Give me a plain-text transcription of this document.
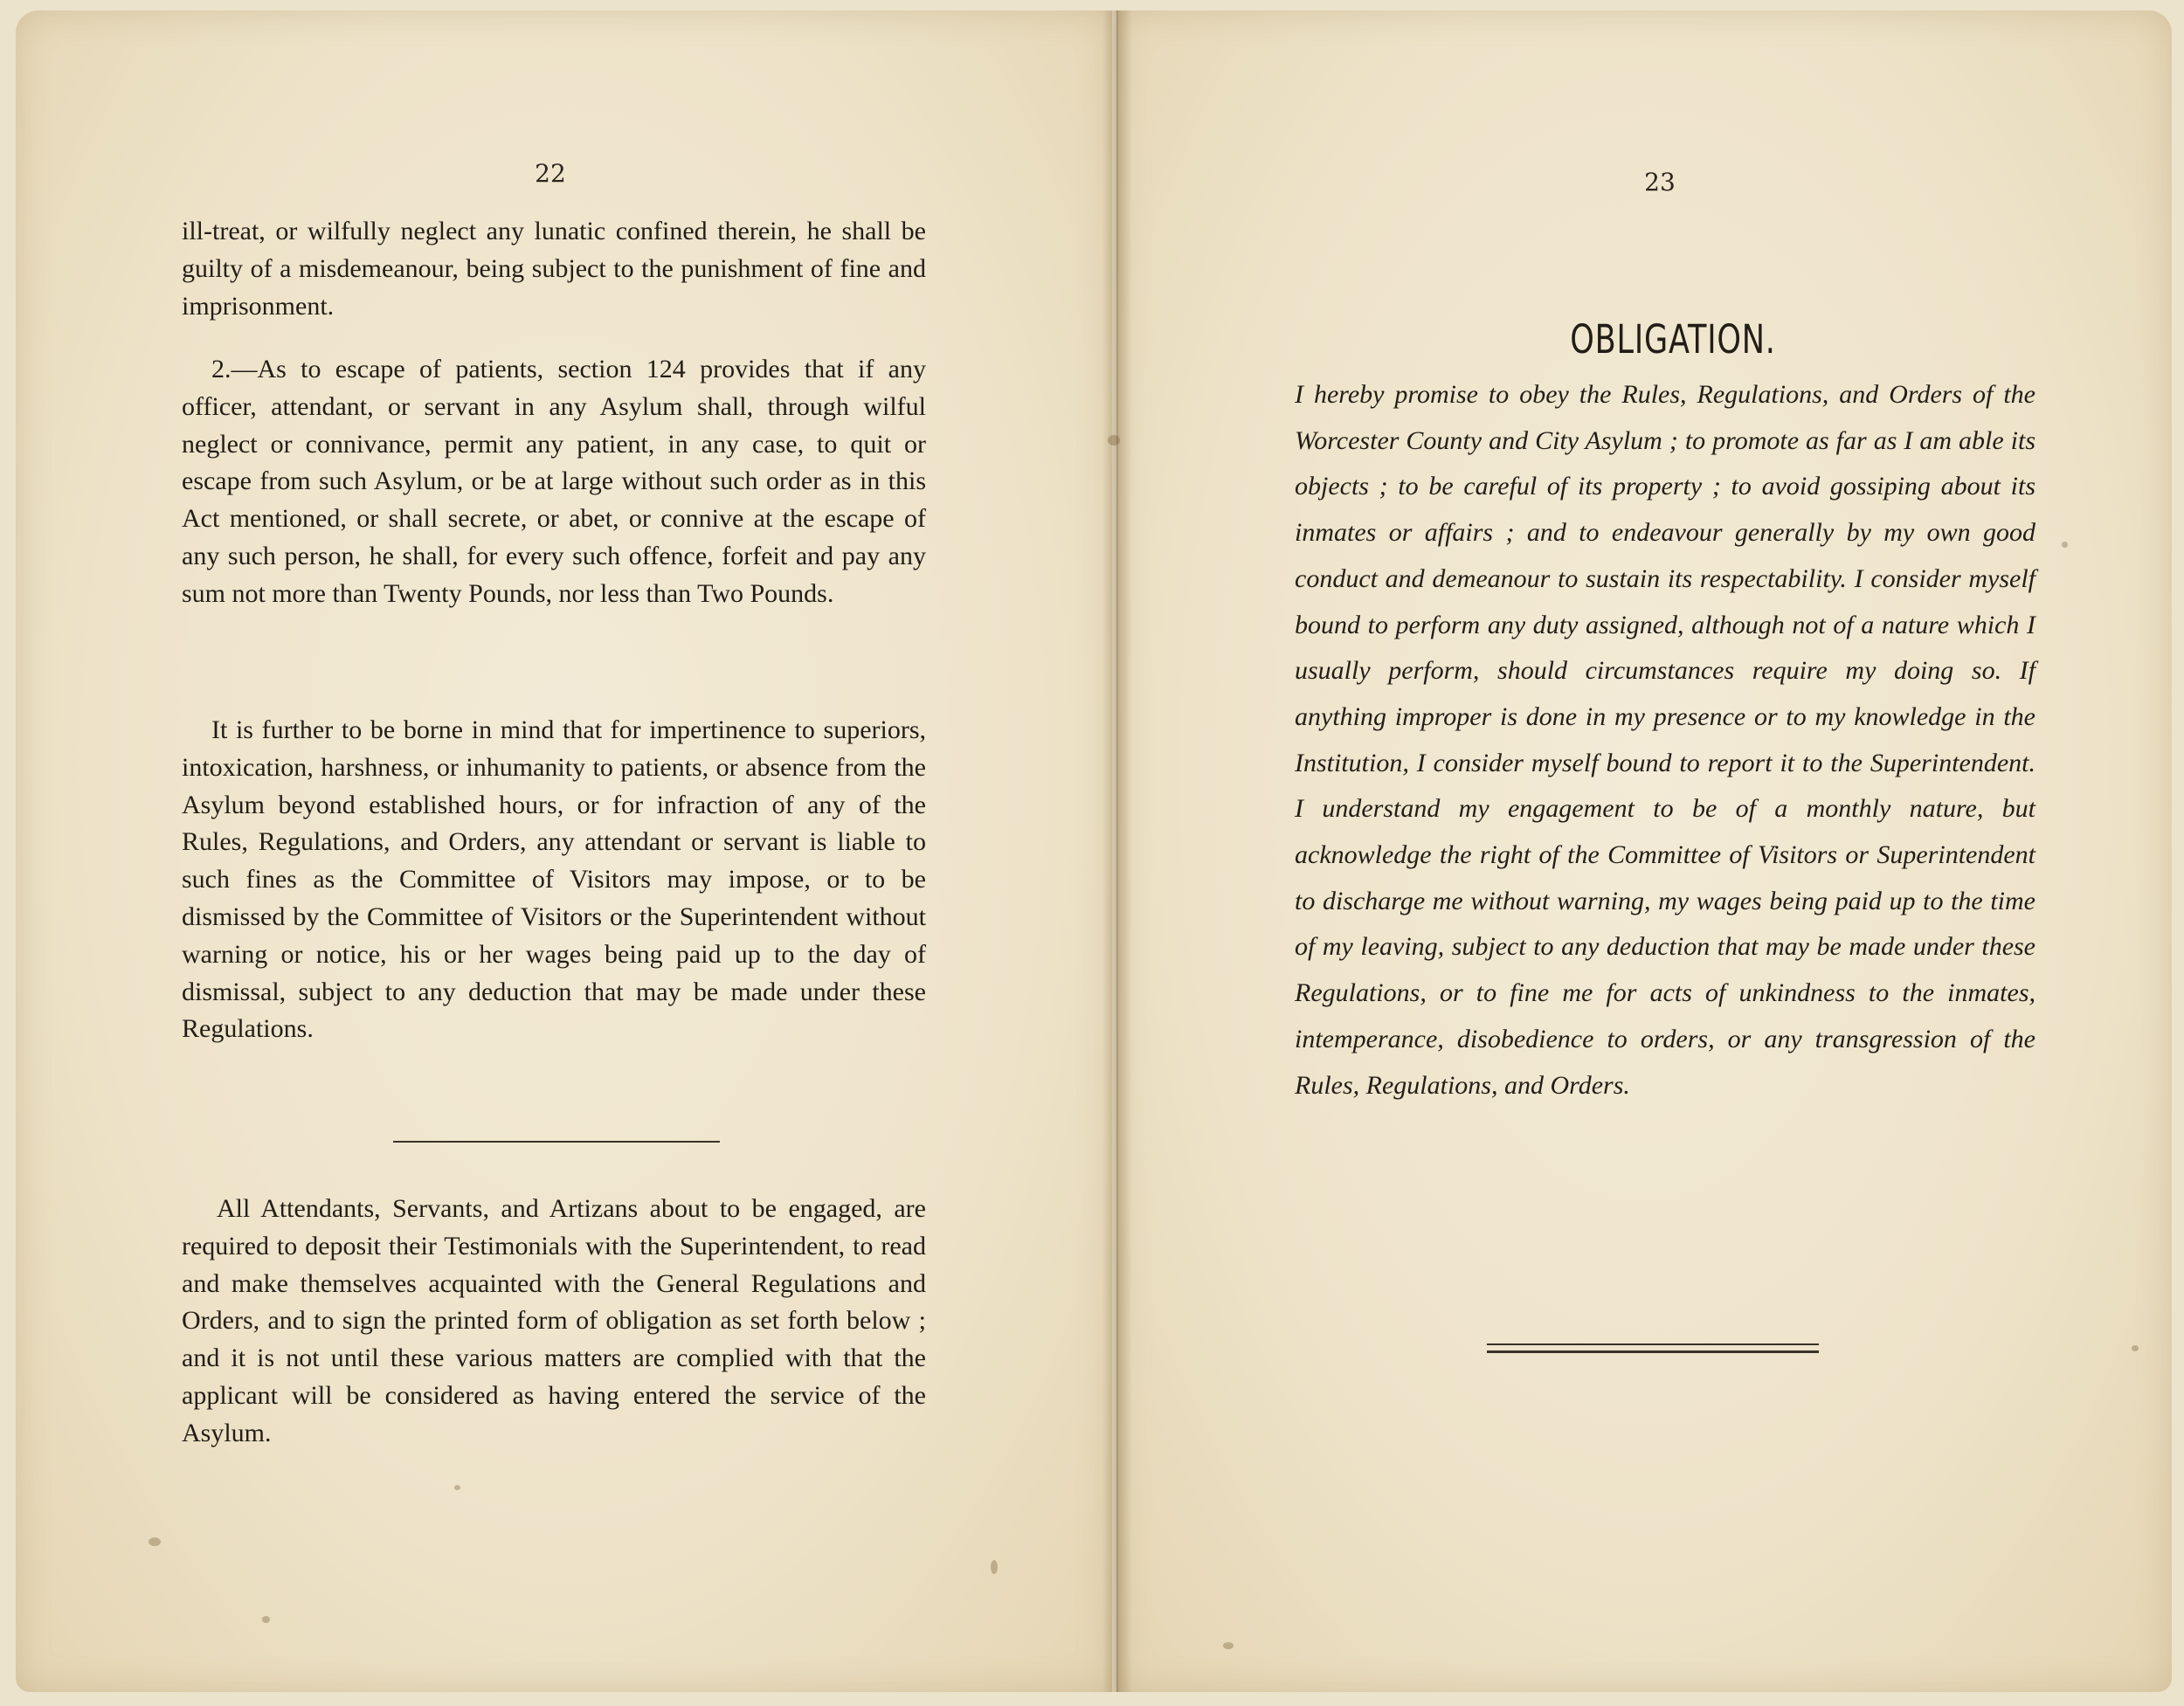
22

ill-treat, or wilfully neglect any lunatic confined therein, he shall be guilty of a misdemeanour, being subject to the punishment of fine and imprisonment.

2.—As to escape of patients, section 124 provides that if any officer, attendant, or servant in any Asylum shall, through wilful neglect or connivance, permit any patient, in any case, to quit or escape from such Asylum, or be at large without such order as in this Act mentioned, or shall secrete, or abet, or connive at the escape of any such person, he shall, for every such offence, forfeit and pay any sum not more than Twenty Pounds, nor less than Two Pounds.

It is further to be borne in mind that for impertinence to superiors, intoxication, harshness, or inhumanity to patients, or absence from the Asylum beyond established hours, or for infraction of any of the Rules, Regulations, and Orders, any attendant or servant is liable to such fines as the Committee of Visitors may impose, or to be dismissed by the Committee of Visitors or the Superintendent without warning or notice, his or her wages being paid up to the day of dismissal, subject to any deduction that may be made under these Regulations.

All Attendants, Servants, and Artizans about to be engaged, are required to deposit their Testimonials with the Superintendent, to read and make themselves acquainted with the General Regulations and Orders, and to sign the printed form of obligation as set forth below ; and it is not until these various matters are complied with that the applicant will be considered as having entered the service of the Asylum.

23
OBLIGATION.
I hereby promise to obey the Rules, Regulations, and Orders of the Worcester County and City Asylum ; to promote as far as I am able its objects ; to be careful of its property ; to avoid gossiping about its inmates or affairs ; and to endeavour generally by my own good conduct and demeanour to sustain its respectability. I consider myself bound to perform any duty assigned, although not of a nature which I usually perform, should circumstances require my doing so. If anything improper is done in my presence or to my knowledge in the Institution, I consider myself bound to report it to the Superintendent. I understand my engagement to be of a monthly nature, but acknowledge the right of the Committee of Visitors or Superintendent to discharge me without warning, my wages being paid up to the time of my leaving, subject to any deduction that may be made under these Regulations, or to fine me for acts of unkindness to the inmates, intemperance, disobedience to orders, or any transgression of the Rules, Regulations, and Orders.
